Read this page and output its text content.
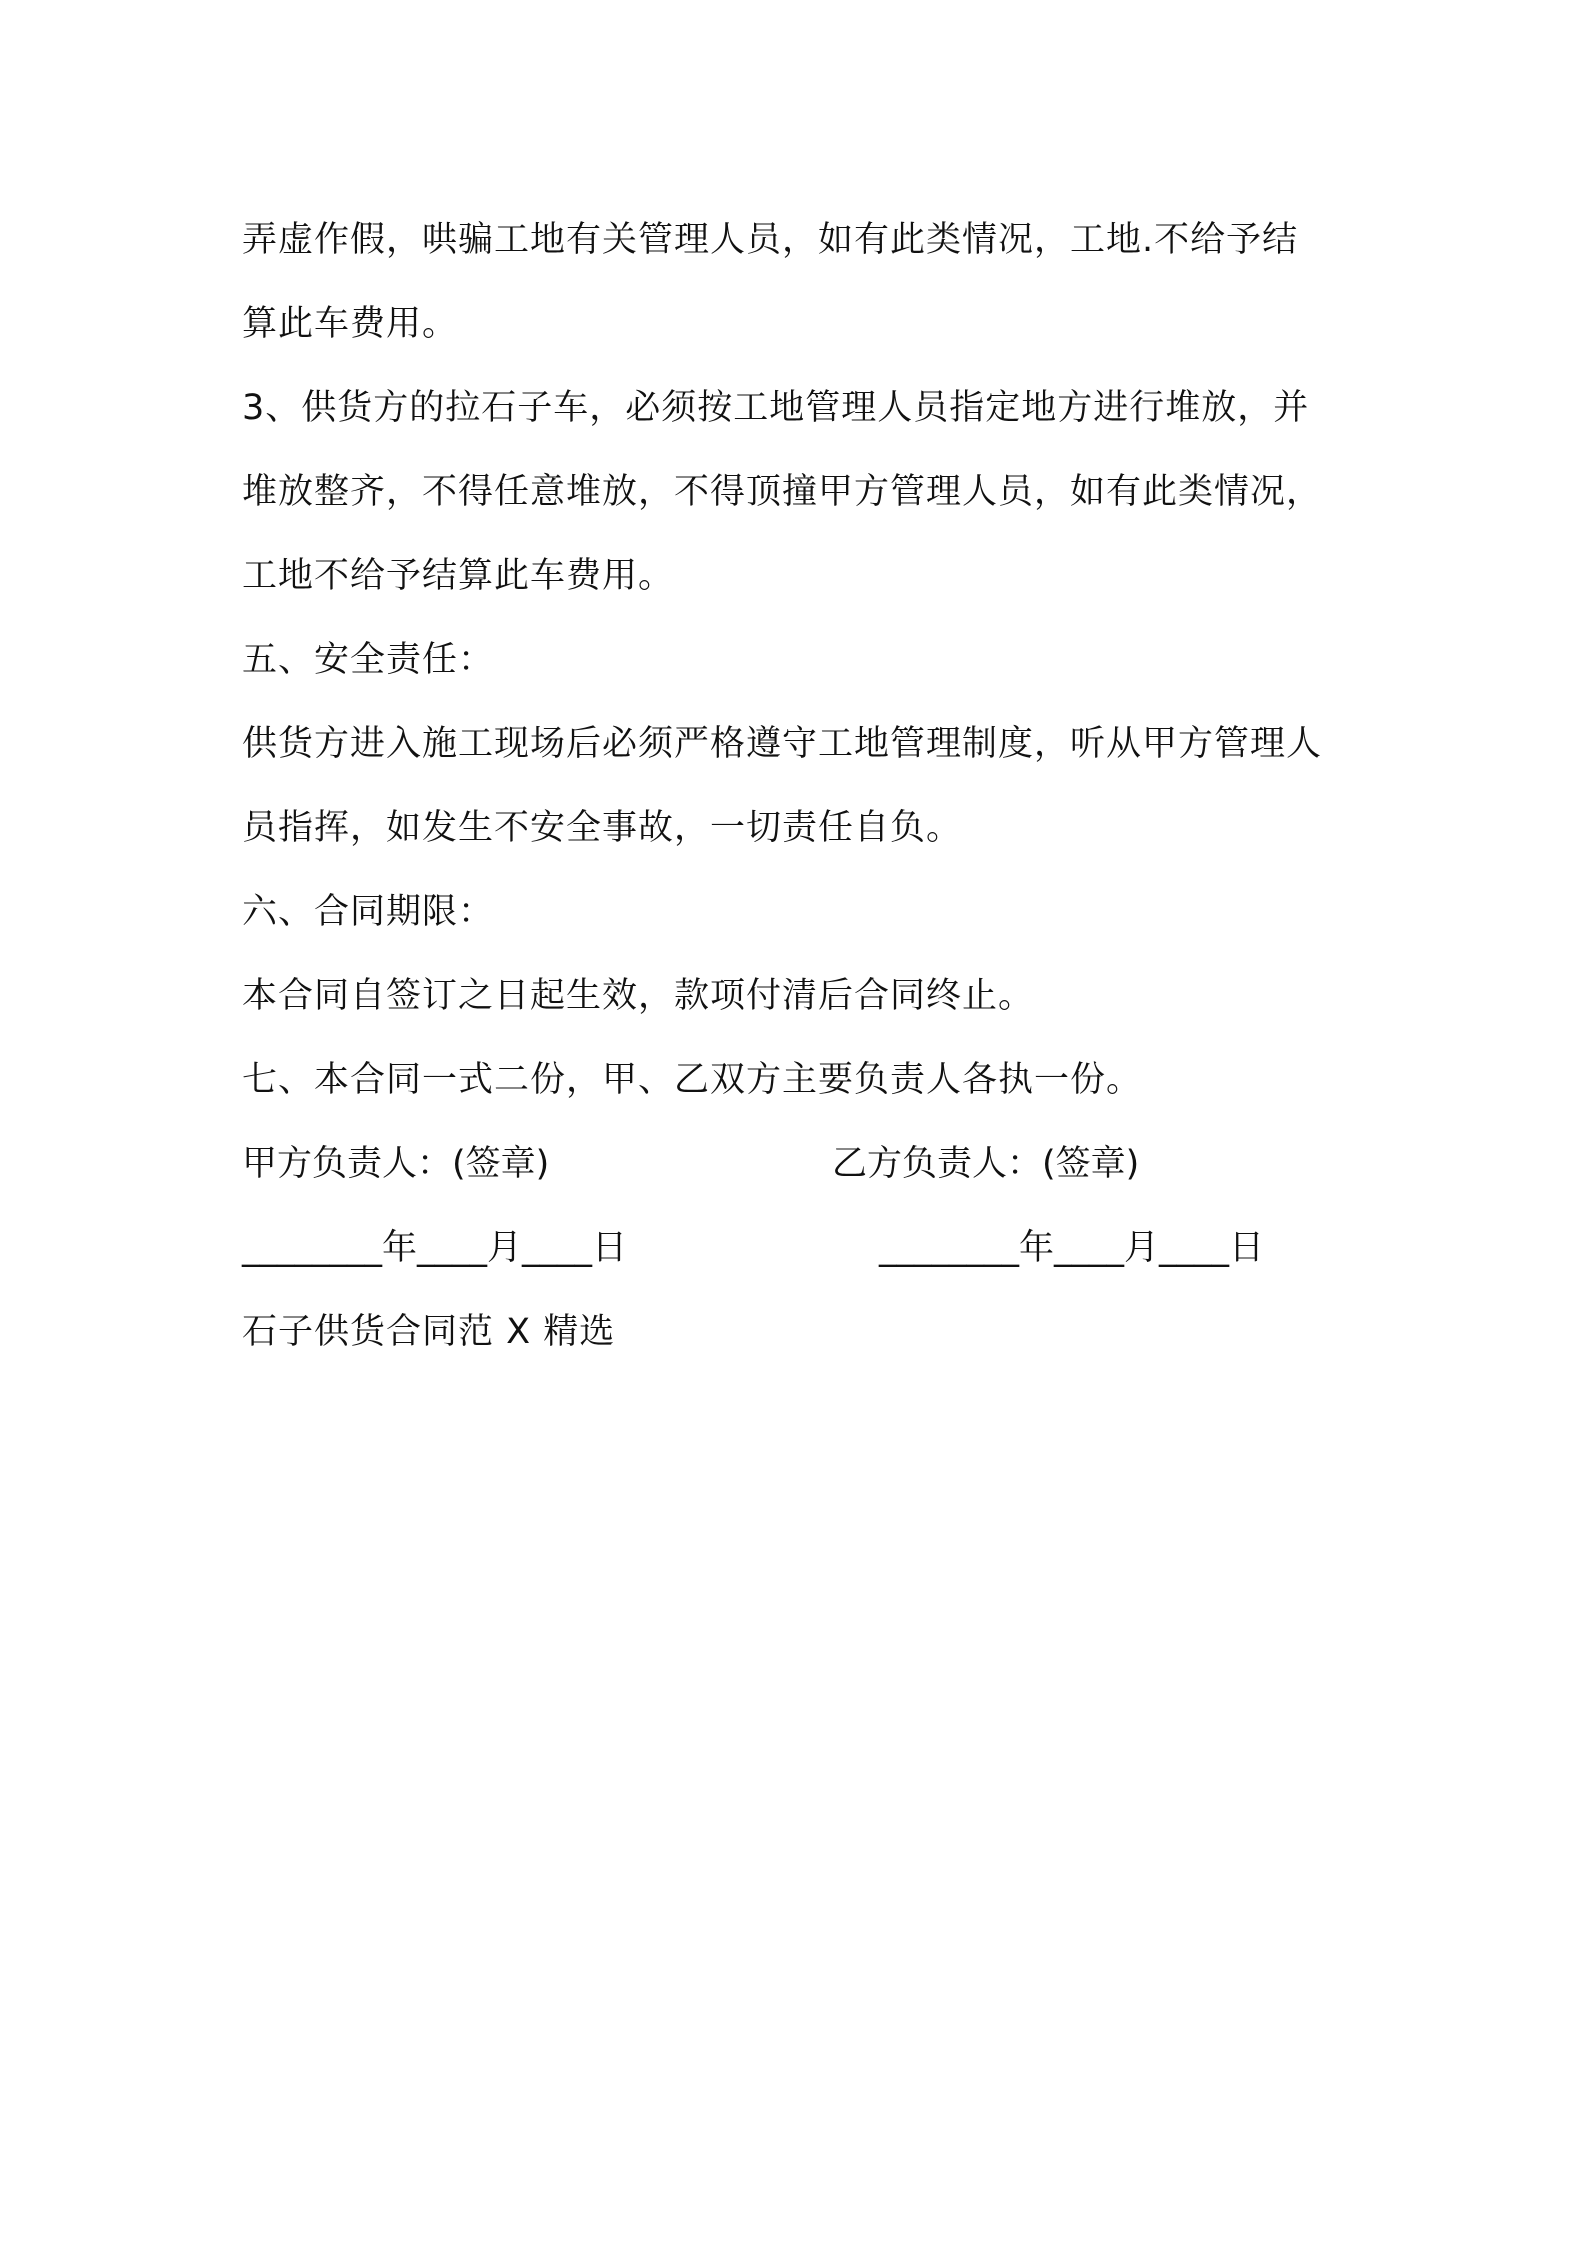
弄虚作假，哄骗工地有关管理人员，如有此类情况，工地.不给予结
算此车费用。
3、供货方的拉石子车，必须按工地管理人员指定地方进行堆放，并
堆放整齐，不得任意堆放，不得顶撞甲方管理人员，如有此类情况，
工地不给予结算此车费用。
五、安全责任：
供货方进入施工现场后必须严格遵守工地管理制度，听从甲方管理人
员指挥，如发生不安全事故，一切责任自负。
六、合同期限：
本合同自签订之日起生效，款项付清后合同终止。
七、本合同一式二份，甲、乙双方主要负责人各执一份。
甲方负责人：(签章)	乙方负责人：(签章)
________年____月____日	________年____月____日
石子供货合同范 X 精选
